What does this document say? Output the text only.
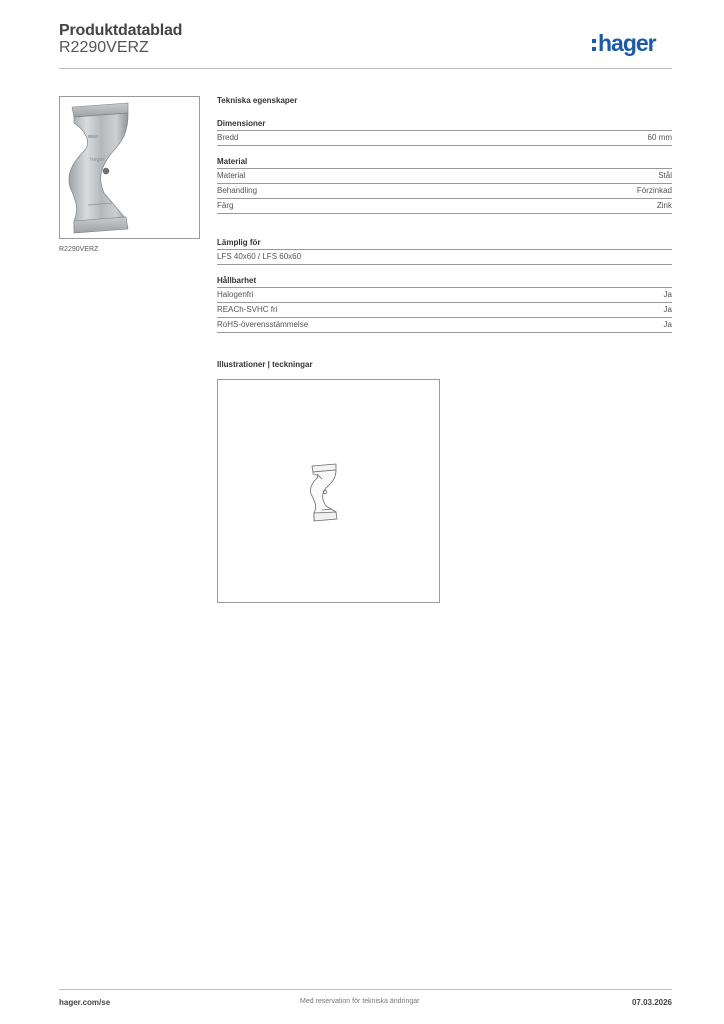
Produktdatablad
R2290VERZ	hager
hager
R2290VERZ
Tekniska egenskaper
Dimensioner
Bredd	60 mm
Material
Material	Stål
Behandling	Förzinkad
Färg	Zink
Lämplig för
LFS 40x60 / LFS 60x60
Hållbarhet
Halogenfri	Ja
REACh-SVHC fri	Ja
RoHS-överensstämmelse	Ja
Illustrationer | teckningar
hager.com/se	Med reservation för tekniska ändringar	07.03.2026
